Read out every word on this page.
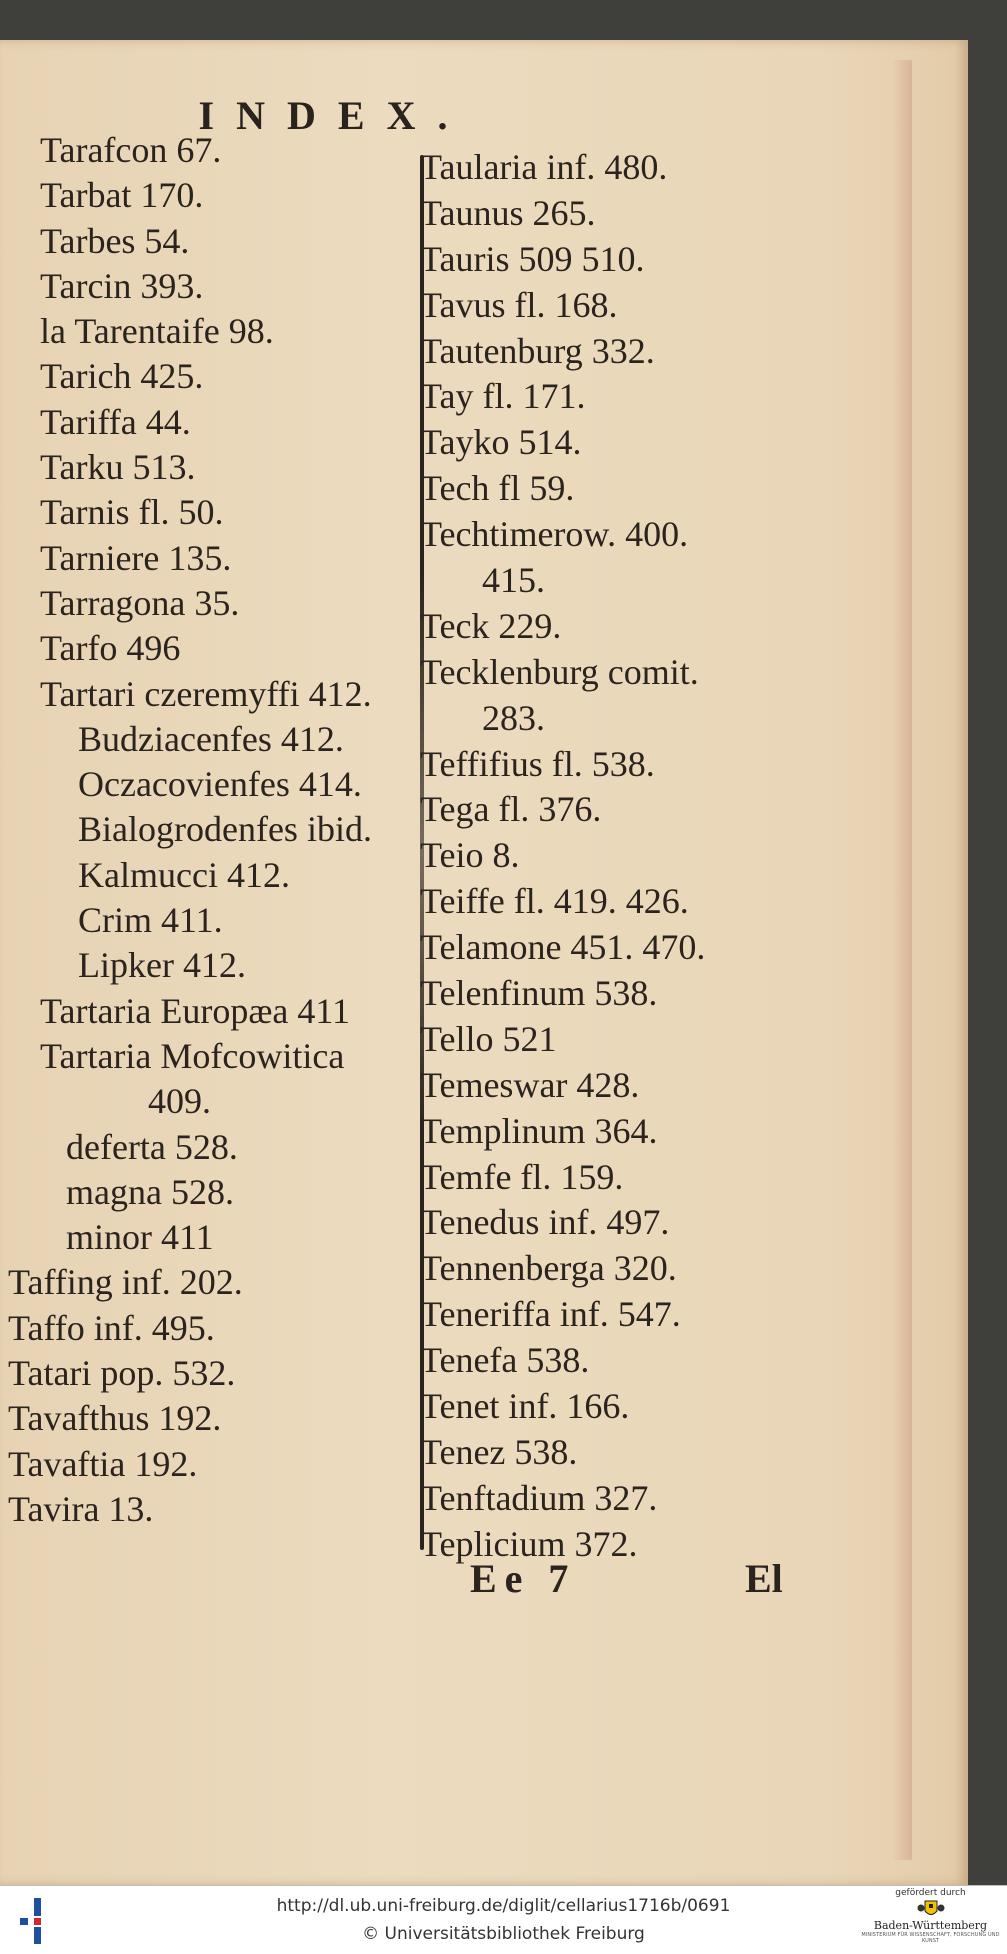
INDEX.
Tarafcon 67.
Tarbat 170.
Tarbes 54.
Tarcin 393.
la Tarentaife 98.
Tarich 425.
Tariffa 44.
Tarku 513.
Tarnis fl. 50.
Tarniere 135.
Tarragona 35.
Tarfo 496
Tartari czeremyffi 412.
Budziacenfes 412.
Oczacovienfes 414.
Bialogrodenfes ibid.
Kalmucci 412.
Crim 411.
Lipker 412.
Tartaria Europæa 411
Tartaria Mofcowitica
409.
deferta 528.
magna 528.
minor 411
Taffing inf. 202.
Taffo inf. 495.
Tatari pop. 532.
Tavafthus 192.
Tavaftia 192.
Tavira 13.
Taularia inf. 480.
Taunus 265.
Tauris 509 510.
Tavus fl. 168.
Tautenburg 332.
Tay fl. 171.
Tayko 514.
Tech fl 59.
Techtimerow. 400.
415.
Teck 229.
Tecklenburg comit.
283.
Teffifius fl. 538.
Tega fl. 376.
Teio 8.
Teiffe fl. 419. 426.
Telamone 451. 470.
Telenfinum 538.
Tello 521
Temeswar 428.
Templinum 364.
Temfe fl. 159.
Tenedus inf. 497.
Tennenberga 320.
Teneriffa inf. 547.
Tenefa 538.
Tenet inf. 166.
Tenez 538.
Tenftadium 327.
Teplicium 372.
Ee 7	El
http://dl.ub.uni-freiburg.de/diglit/cellarius1716b/0691
© Universitätsbibliothek Freiburg
gefördert durch
Baden-Württemberg
MINISTERIUM FÜR WISSENSCHAFT, FORSCHUNG UND KUNST
